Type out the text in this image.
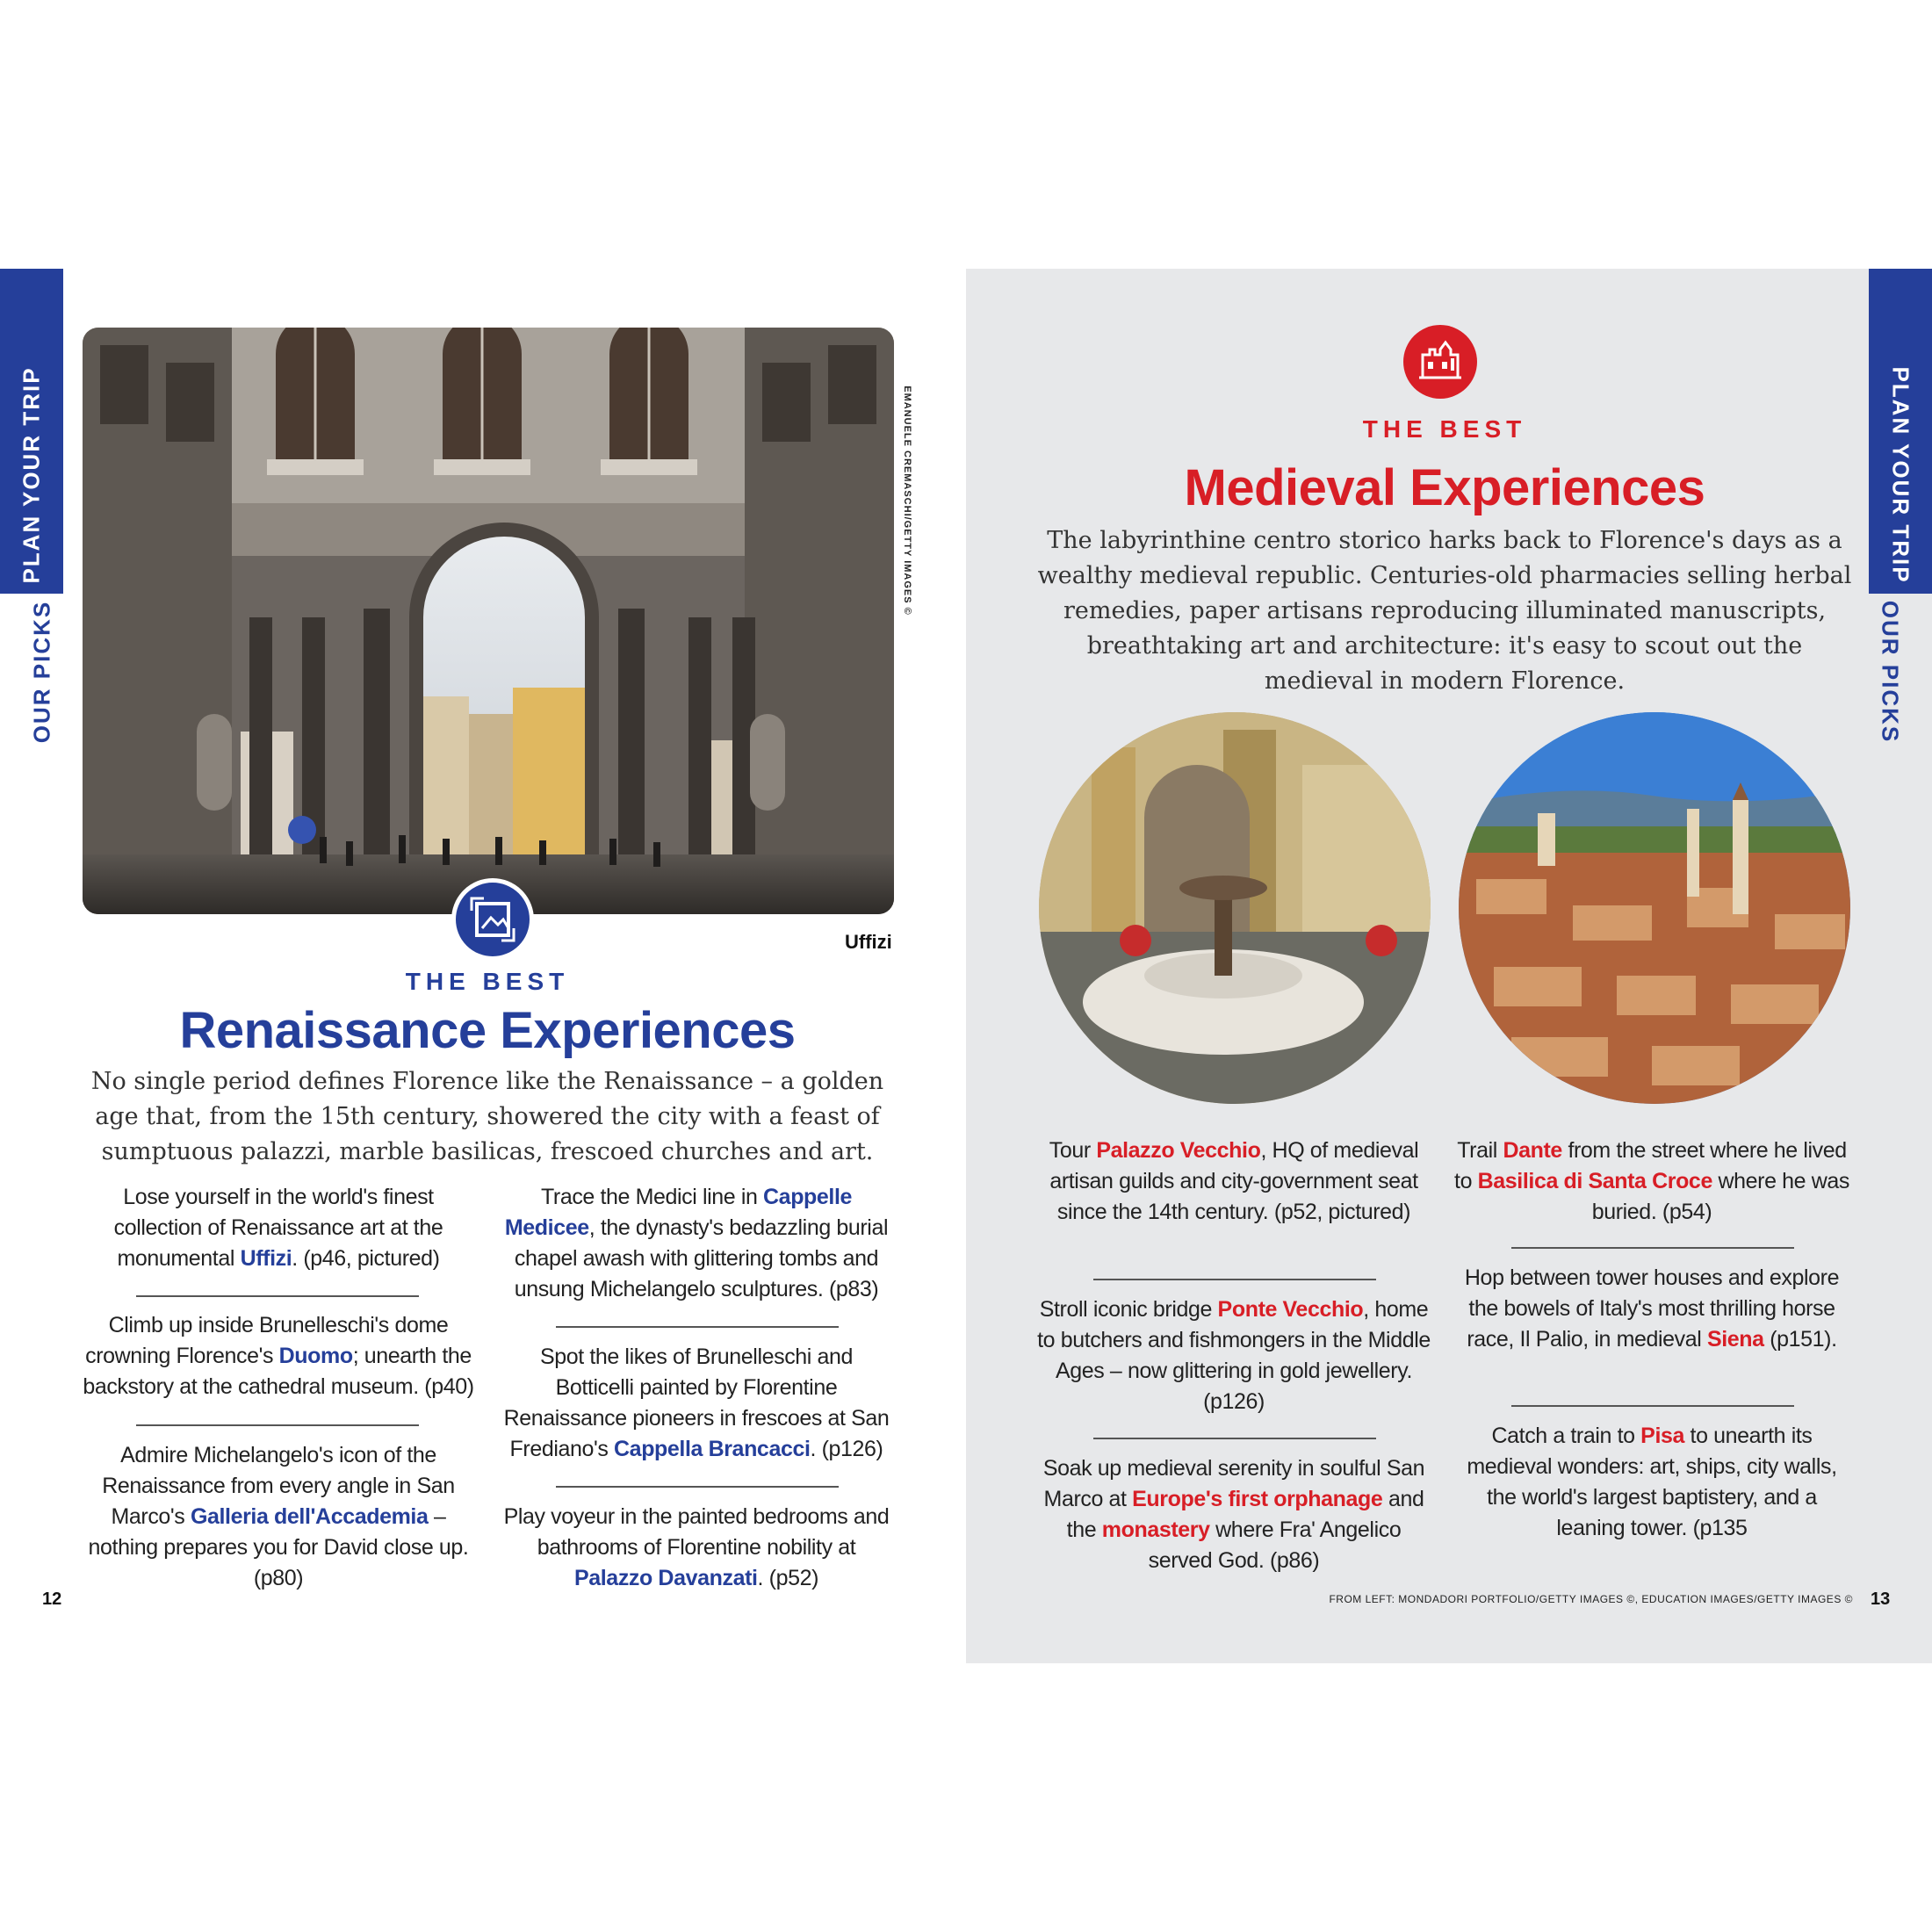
PLAN YOUR TRIP
OUR PICKS
PLAN YOUR TRIP
OUR PICKS
EMANUELE CREMASCHI/GETTY IMAGES ©
Uffizi
THE BEST
Renaissance Experiences
No single period defines Florence like the Renaissance – a golden age that, from the 15th century, showered the city with a feast of sumptuous palazzi, marble basilicas, frescoed churches and art.
Lose yourself in the world's finest collection of Renaissance art at the monumental Uffizi. (p46, pictured)
Climb up inside Brunelleschi's dome crowning Florence's Duomo; unearth the backstory at the cathedral museum. (p40)
Admire Michelangelo's icon of the Renaissance from every angle in San Marco's Galleria dell'Accademia – nothing prepares you for David close up. (p80)
Trace the Medici line in Cappelle Medicee, the dynasty's bedazzling burial chapel awash with glittering tombs and unsung Michelangelo sculptures. (p83)
Spot the likes of Brunelleschi and Botticelli painted by Florentine Renaissance pioneers in frescoes at San Frediano's Cappella Brancacci. (p126)
Play voyeur in the painted bedrooms and bathrooms of Florentine nobility at Palazzo Davanzati. (p52)
12
THE BEST
Medieval Experiences
The labyrinthine centro storico harks back to Florence's days as a wealthy medieval republic. Centuries-old pharmacies selling herbal remedies, paper artisans reproducing illuminated manuscripts, breathtaking art and architecture: it's easy to scout out the medieval in modern Florence.
Tour Palazzo Vecchio, HQ of medieval artisan guilds and city-government seat since the 14th century. (p52, pictured)
Stroll iconic bridge Ponte Vecchio, home to butchers and fishmongers in the Middle Ages – now glittering in gold jewellery. (p126)
Soak up medieval serenity in soulful San Marco at Europe's first orphanage and the monastery where Fra' Angelico served God. (p86)
Trail Dante from the street where he lived to Basilica di Santa Croce where he was buried. (p54)
Hop between tower houses and explore the bowels of Italy's most thrilling horse race, Il Palio, in medieval Siena (p151).
Catch a train to Pisa to unearth its medieval wonders: art, ships, city walls, the world's largest baptistery, and a leaning tower. (p135
FROM LEFT: MONDADORI PORTFOLIO/GETTY IMAGES ©, EDUCATION IMAGES/GETTY IMAGES © 13
